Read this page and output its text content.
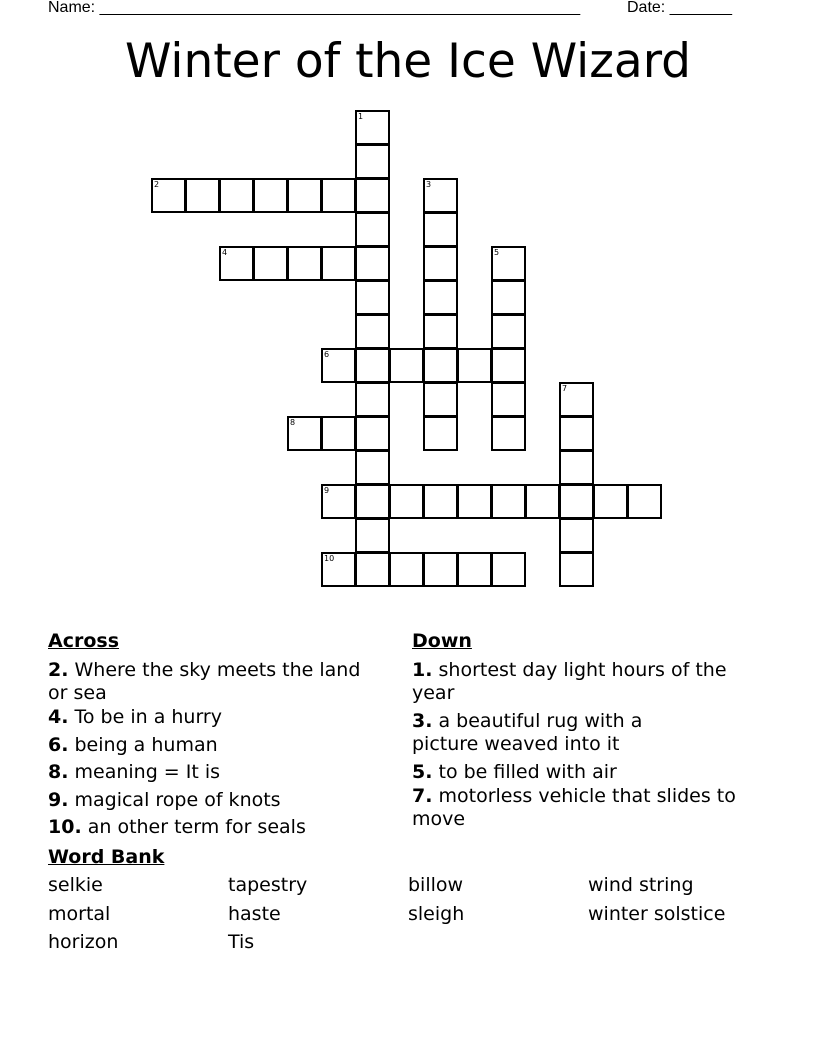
Name: ______________________________________________________	Date: _______
Winter of the Ice Wizard
1
2	3
4	5
6
7
8
9
10
Across
2. Where the sky meets the land or sea
4. To be in a hurry
6. being a human
8. meaning = It is
9. magical rope of knots
10. an other term for seals
Down
1. shortest day light hours of the year
3. a beautiful rug with a picture weaved into it
5. to be filled with air
7. motorless vehicle that slides to move
Word Bank
selkie	tapestry	billow	wind string
mortal	haste	sleigh	winter solstice
horizon	Tis
